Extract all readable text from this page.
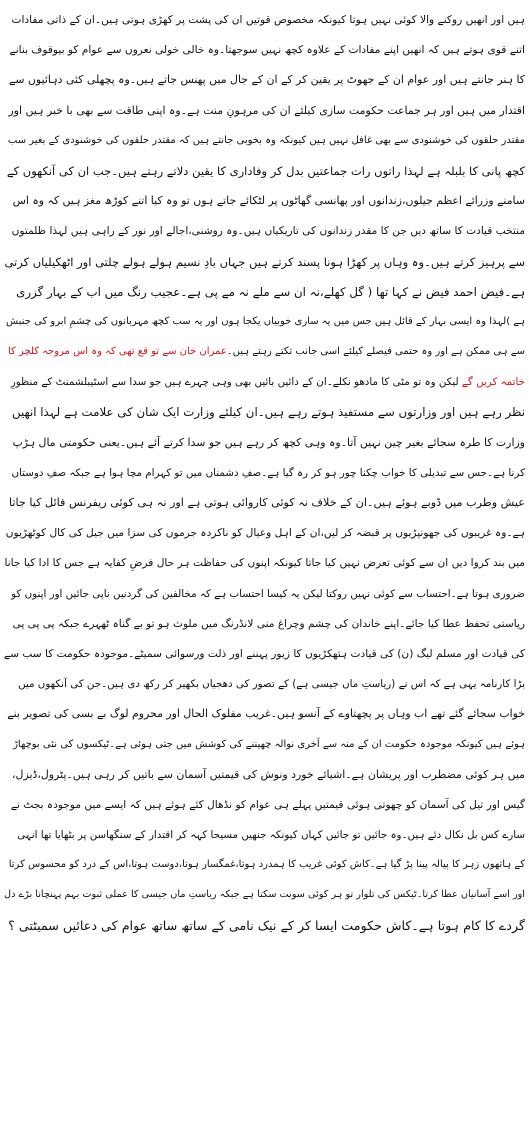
ہیں اور انھیں روکنے والا کوئی نہیں ہوتا کیونکہ مخصوص قوتیں ان کی پشت پر کھڑی ہوتی ہیں۔ان کے ذاتی مفادات
اتنے قوی ہوتے ہیں کہ انھیں اپنے مفادات کے علاوہ کچھ نہیں سوجھتا۔وہ خالی خولی نعروں سے عوام کو بیوقوف بنانے
کا ہنر جانتے ہیں اور عوام ان کے جھوٹ پر یقین کر کے ان کے جال میں پھنس جاتے ہیں۔وہ پچھلی کئی دہائیوں سے
اقتدار میں ہیں اور ہر جماعت حکومت سازی کیلئے ان کی مرہونِ منت ہے۔وہ اپنی طاقت سے بھی با خبر ہیں اور
مقتدر حلقوں کی خوشنودی سے بھی غافل نہیں ہیں کیونکہ وہ بخوبی جانتے ہیں کہ مقتدر حلقوں کی خوشنودی کے بغیر سب
کچھ پانی کا بلبلہ ہے لہذا راتوں رات جماعتیں بدل کر وفاداری کا یقین دلاتے رہتے ہیں۔جب ان کی آنکھوں کے
سامنے وزرائے اعظم جیلوں،زندانوں اور پھانسی گھاٹوں پر لٹکائے جاتے ہوں تو وہ کیا اتنے کوڑھ مغز ہیں کہ وہ اس
منتخب قیادت کا ساتھ دیں جن کا مقدر زندانوں کی تاریکیاں ہیں۔وہ روشنی،اجالے اور نور کے راہی ہیں لہذا ظلمتوں
سے پرہیز کرتے ہیں۔وہ وہاں پر کھڑا ہونا پسند کرتے ہیں جہاں بادِ نسیم ہولے ہولے چلتی اور اٹھکیلیاں کرتی
ہے۔فیض احمد فیض نے کہا تھا ( گل کھلے،نہ ان سے ملے نہ مے پی ہے۔عجیب رنگ میں اب کے بہار گزری
ہے )لہذا وہ ایسی بہار کے قائل ہیں جس میں یہ ساری خوبیاں یکجا ہوں اور یہ سب کچھ مہربانوں کی چشمِ ابرو کی جنبش
سے ہی ممکن ہے اور وہ حتمی فیصلے کیلئے اسی جانب تکتے رہتے ہیں۔عمران خان سے تو قع تھی کہ وہ اس مروجہ کلچر کا
خاتمہ کریں گے لیکن وہ تو مٹی کا مادھو نکلے۔ان کے دائیں بائیں بھی وہی چہرے ہیں جو سدا سے اسٹیبلشمنٹ کے منظورِ
نظر رہے ہیں اور وزارتوں سے مستفیذ ہوتے رہے ہیں۔ان کیلئے وزارت ایک شان کی علامت ہے لہذا انھیں
وزارت کا طرہ سجائے بغیر چین نہیں آتا۔وہ وہی کچھ کر رہے ہیں جو سدا کرتے آئے ہیں۔یعنی حکومتی مال ہڑپ
کرنا ہے۔جس سے تبدیلی کا خواب چکنا چور ہو کر رہ گیا ہے۔صفِ دشمناں میں تو کہرام مچا ہوا ہے جبکہ صفِ دوستاں
عیش وطرب میں ڈوبے ہوئے ہیں۔ان کے خلاف نہ کوئی کاروائی ہوتی ہے اور نہ ہی کوئی ریفرنس فائل کیا جاتا
ہے۔وہ غریبوں کی جھونپڑیوں پر قبضہ کر لیں،ان کے اہل وعیال کو ناکردہ جرموں کی سزا میں جیل کی کال کوٹھڑیوں
میں بند کروا دیں ان سے کوئی تعرض نہیں کیا جاتا کیونکہ اپنوں کی حفاظت ہر حال فرضِ کفایہ ہے جس کا ادا کیا جانا
ضروری ہوتا ہے۔احتساب سے کوئی نہیں روکتا لیکن یہ کیسا احتساب ہے کہ مخالفین کی گردنیں ناپی جائیں اور اپنوں کو
ریاستی تحفظ عطا کیا جائے۔اپنے خاندان کی چشم وچراغ منی لانڈرنگ میں ملوث ہو تو بے گناہ ٹھہرے جبکہ پی پی پی
کی قیادت اور مسلم لیگ (ن) کی قیادت ہتھکڑیوں کا زیور پہننے اور ذلت ورسوائی سمیٹے۔موجودہ حکومت کا سب سے
بڑا کارنامہ یہی ہے کہ اس نے (ریاستِ ماں جیسی ہے) کے تصور کی دھجیاں بکھیر کر رکھ دی ہیں۔جن کی آنکھوں میں
خواب سجائے گئے تھے اب وہاں پر پچھتاوے کے آنسو ہیں۔غریب مفلوک الحال اور محروم لوگ بے بسی کی تصویر بنے
ہوئے ہیں کیونکہ موجودہ حکومت ان کے منہ سے آخری نوالہ چھیننے کی کوشش میں جتی ہوئی ہے۔ٹیکسوں کی نئی بوچھاڑ
میں ہر کوئی مضطرب اور پریشان ہے۔اشیائے خورد ونوش کی قیمتیں آسمان سے باتیں کر رہی ہیں۔پٹرول،ڈیزل،
گیس اور تیل کی آسمان کو چھوتی ہوئی قیمتیں پہلے ہی عوام کو نڈھال کئے ہوئے ہیں کہ ایسے میں موجودہ بجٹ نے
سارے کس بل نکال دئے ہیں۔وہ جائیں تو جائیں کہاں کیونکہ جنھیں مسیحا کہہ کر اقتدار کے سنگھاسن پر بٹھایا تھا انہی
کے ہاتھوں زہر کا پیالہ پینا پڑ گیا ہے۔کاش کوئی غریب کا ہمدرد ہوتا،غمگسار ہوتا،دوست ہوتا،اس کے درد کو محسوس کرتا
اور اسے آسانیاں عطا کرتا۔ٹیکس کی تلوار تو ہر کوئی سونت سکتا ہے جبکہ ریاستِ ماں جیسی کا عملی ثبوت بہم پہنچانا بڑے دل
گردے کا کام ہوتا ہے۔کاش حکومت ایسا کر کے نیک نامی کے ساتھ ساتھ عوام کی دعائیں سمیٹتی ؟
